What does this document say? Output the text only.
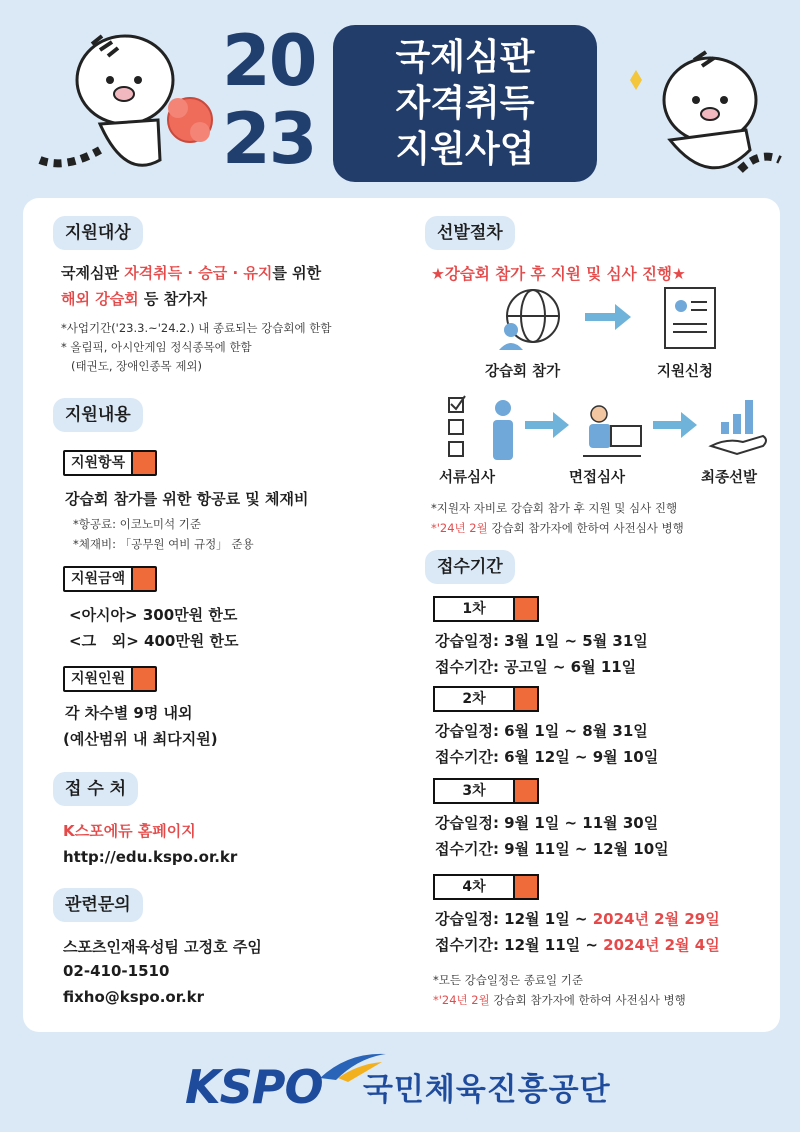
20
23
국제심판
자격취득
지원사업
지원대상
국제심판 자격취득 · 승급 · 유지를 위한
해외 강습회 등 참가자
*사업기간('23.3.~'24.2.) 내 종료되는 강습회에 한함
* 올림픽, 아시안게임 정식종목에 한함
(태권도, 장애인종목 제외)
지원내용
지원항목
강습회 참가를 위한 항공료 및 체재비
*항공료: 이코노미석 기준
*체재비: 「공무원 여비 규정」 준용
지원금액
<아시아> 300만원 한도
<그   외> 400만원 한도
지원인원
각 차수별 9명 내외
(예산범위 내 최다지원)
접 수 처
K스포에듀 홈페이지
http://edu.kspo.or.kr
관련문의
스포츠인재육성팀 고정호 주임
02-410-1510
fixho@kspo.or.kr
선발절차
★강습회 참가 후 지원 및 심사 진행★
강습회 참가	지원신청
서류심사	면접심사	최종선발
*지원자 자비로 강습회 참가 후 지원 및 심사 진행
*'24년 2월 강습회 참가자에 한하여 사전심사 병행
접수기간
1차
강습일정: 3월 1일 ~ 5월 31일
접수기간: 공고일 ~ 6월 11일
2차
강습일정: 6월 1일 ~ 8월 31일
접수기간: 6월 12일 ~ 9월 10일
3차
강습일정: 9월 1일 ~ 11월 30일
접수기간: 9월 11일 ~ 12월 10일
4차
강습일정: 12월 1일 ~ 2024년 2월 29일
접수기간: 12월 11일 ~ 2024년 2월 4일
*모든 강습일정은 종료일 기준
*'24년 2월 강습회 참가자에 한하여 사전심사 병행
KSPO 국민체육진흥공단
